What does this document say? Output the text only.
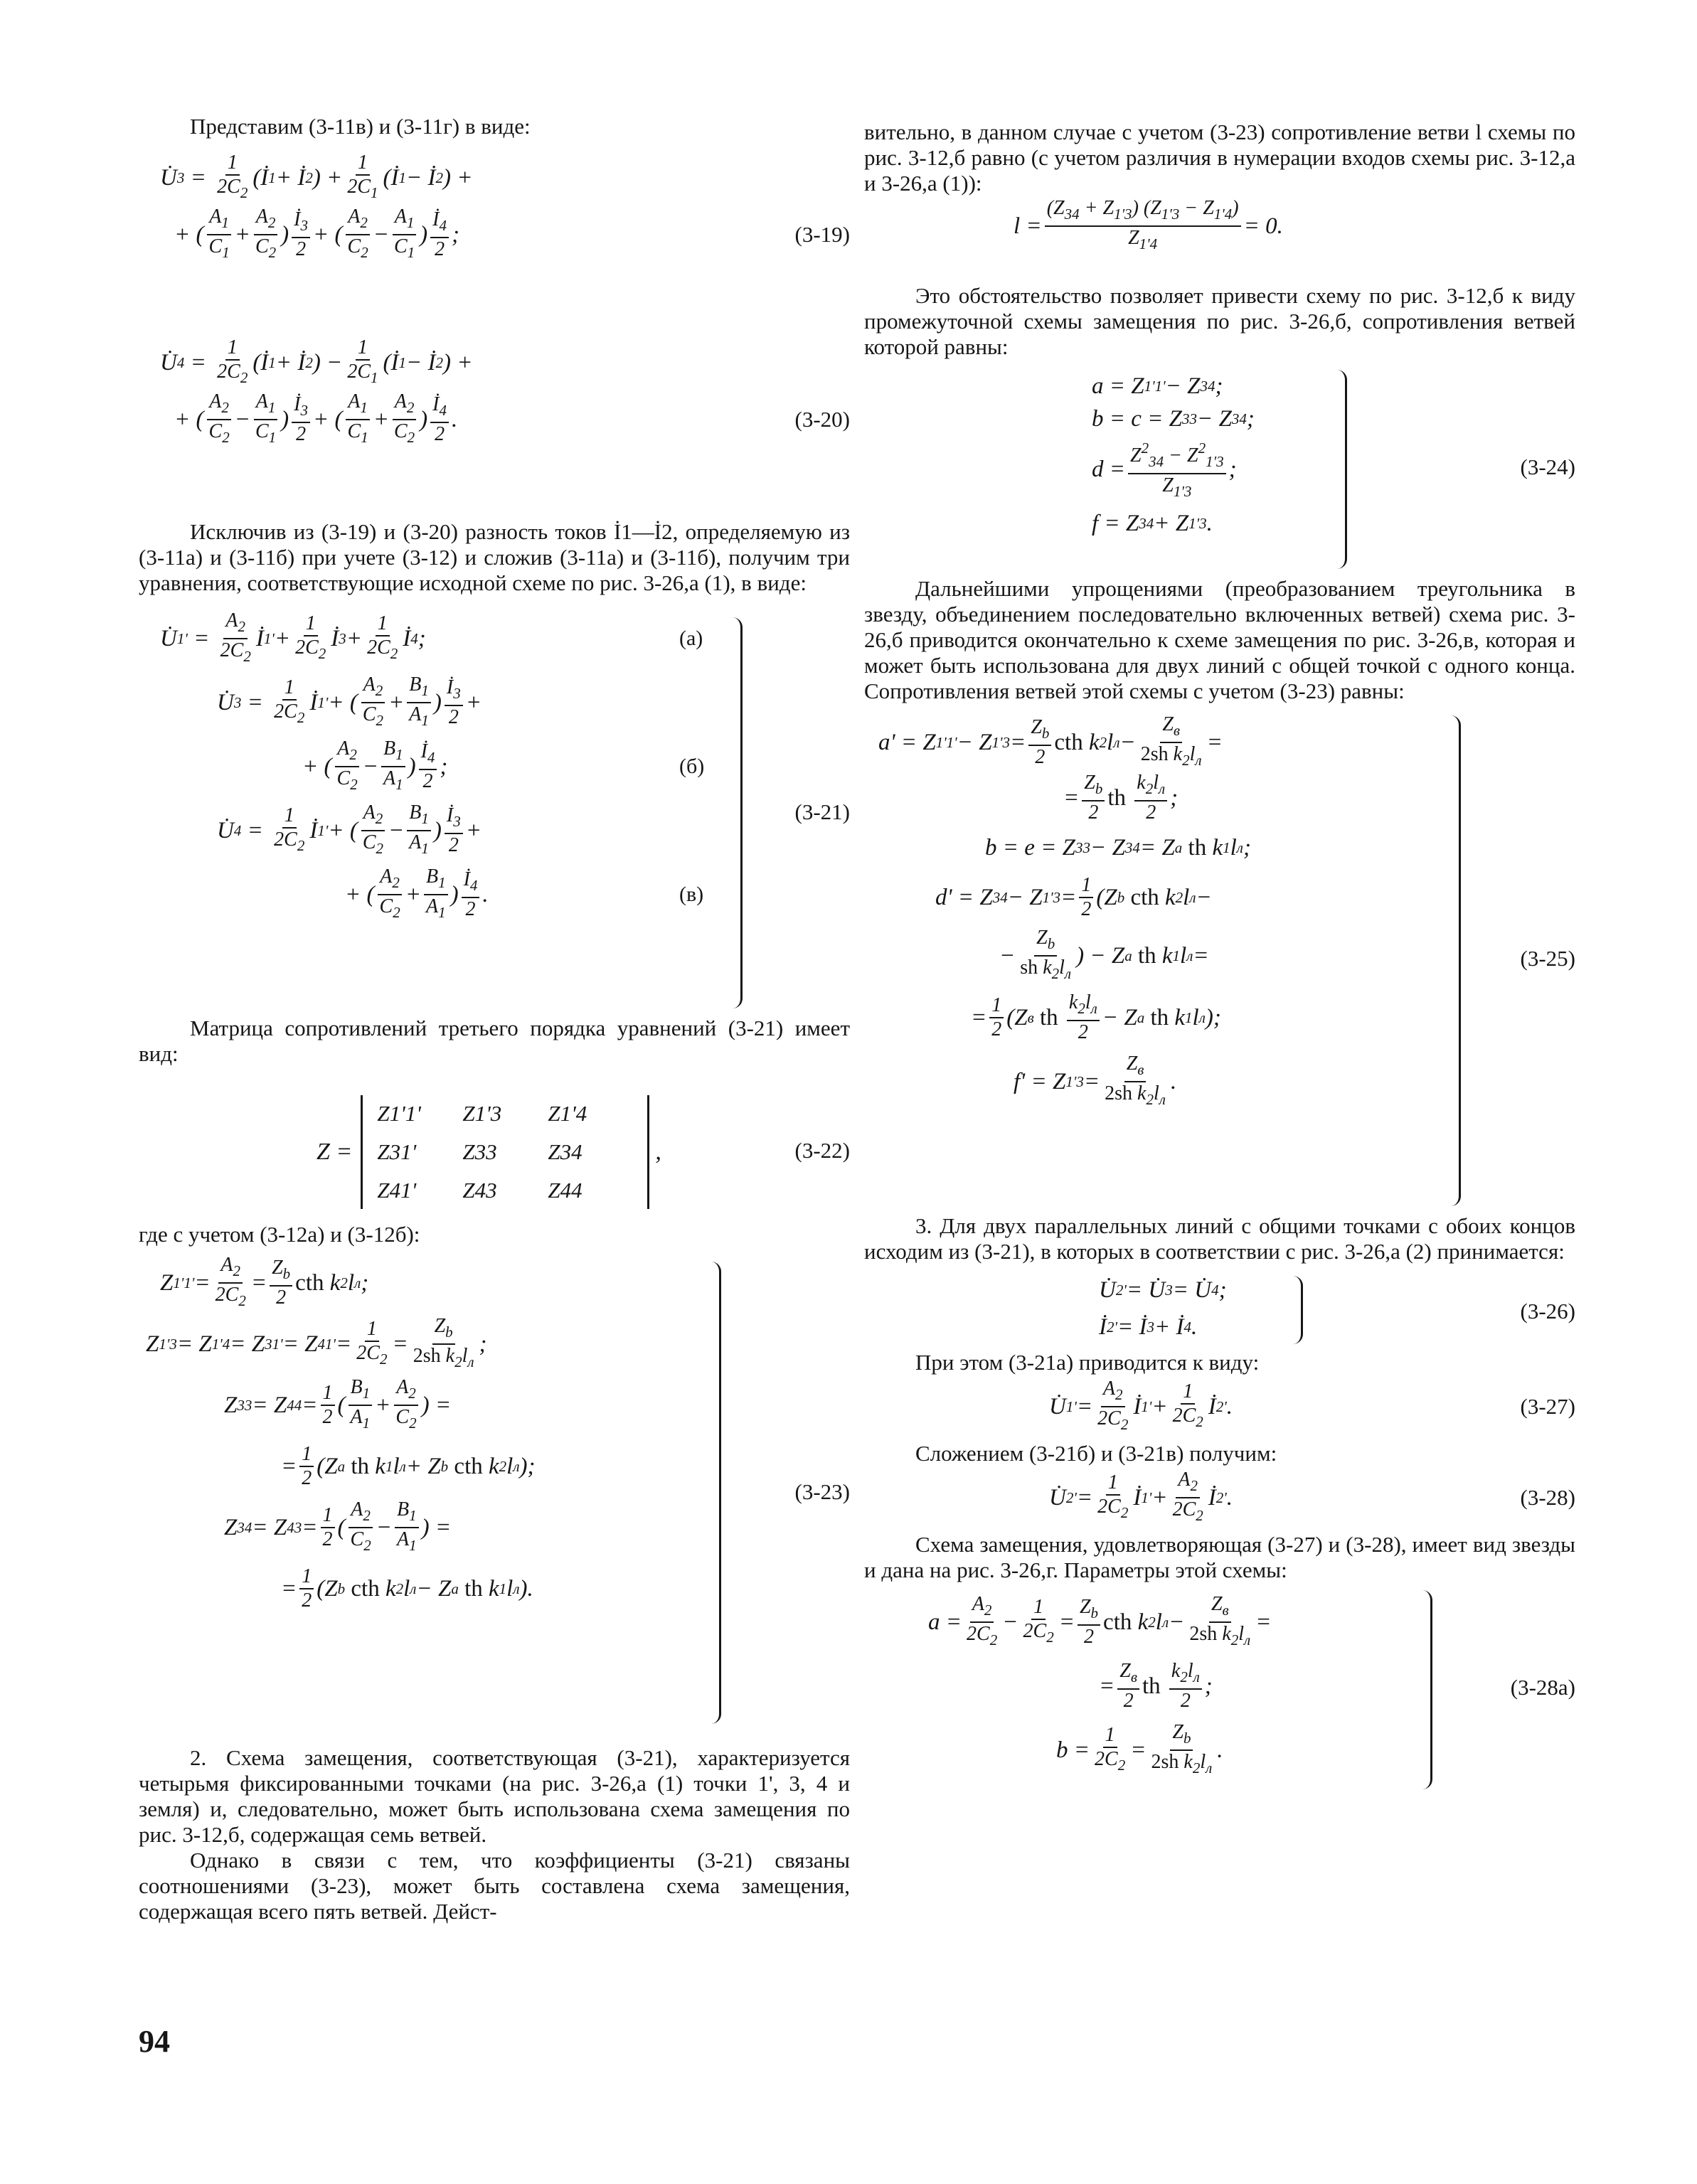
Представим (3-11в) и (3-11г) в виде:

U̇ 3 =
1
$2C_2$
(İ 1 + İ 2 ) +
1
$2C_1$
(İ 1 − İ 2 ) +
+ (
$A_1$
$C_1$
+
$A_2$
$C_2$
)
$İ_3$
2
+ (
$A_2$
$C_2$
−
$A_1$
$C_1$
)
$İ_4$
2
;	(3-19)
U̇ 4 =
1
$2C_2$
(İ 1 + İ 2 ) −
1
$2C_1$
(İ 1 − İ 2 ) +
+ (
$A_2$
$C_2$
−
$A_1$
$C_1$
)
$İ_3$
2
+ (
$A_1$
$C_1$
+
$A_2$
$C_2$
)
$İ_4$
2
.	(3-20)

Исключив из (3-19) и (3-20) разность токов İ1—İ2, определяемую из (3-11а) и (3-11б) при учете (3-12) и сложив (3-11а) и (3-11б), получим три уравнения, соответствующие исходной схеме по рис. 3-26,а (1), в виде:

(3-21)
U̇ 1' =
$A_2$
$2C_2$
İ 1' +
1
$2C_2$
İ 3 +
1
$2C_2$
İ 4 ;	(а)
U̇ 3 =
1
$2C_2$
İ 1' + (
$A_2$
$C_2$
+
$B_1$
$A_1$
)
$İ_3$
2
+
+ (
$A_2$
$C_2$
−
$B_1$
$A_1$
)
$İ_4$
2
;	(б)
U̇ 4 =
1
$2C_2$
İ 1' + (
$A_2$
$C_2$
−
$B_1$
$A_1$
)
$İ_3$
2
+
+ (
$A_2$
$C_2$
+
$B_1$
$A_1$
)
$İ_4$
2
.	(в)

Матрица сопротивлений третьего порядка уравнений (3-21) имеет вид:

Z =
Z1'1'	Z1'3	Z1'4
Z31'	Z33	Z34
Z41'	Z43	Z44
,	(3-22)

где с учетом (3-12а) и (3-12б):

(3-23)
Z 1'1' =
$A_2$
$2C_2$
=
$Z_b$
2
cth k 2 l л ;
Z 1'3 = Z 1'4 = Z 31' = Z 41' =
1
$2C_2$
=
$Z_b$
2sh $k_2l_л$
;
Z 33 = Z 44 = 1
2 (
$B_1$
$A_1$
+
$A_2$
$C_2$
) =
= 1
2 (Z a
th k 1 l л + Z b
cth k 2 l л );
Z 34 = Z 43 = 1
2 (
$A_2$
$C_2$
−
$B_1$
$A_1$
) =
= 1
2 (Z b
cth k 2 l л − Z a
th k 1 l л ).

2. Схема замещения, соответствующая (3-21), характеризуется четырьмя фиксированными точками (на рис. 3-26,а (1) точки 1', 3, 4 и земля) и, следовательно, может быть использована схема замещения по рис. 3-12,б, содержащая семь ветвей.

Однако в связи с тем, что коэффициенты (3-21) связаны соотношениями (3-23), может быть составлена схема замещения, содержащая всего пять ветвей. Дейст-

вительно, в данном случае с учетом (3-23) сопротивление ветви l схемы по рис. 3-12,б равно (с учетом различия в нумерации входов схемы рис. 3-12,а и 3-26,а (1)):

l =
$(Z_{34} + Z_{1'3}) (Z_{1'3} - Z_{1'4})$
$Z_{1'4}$
= 0.

Это обстоятельство позволяет привести схему по рис. 3-12,б к виду промежуточной схемы замещения по рис. 3-26,б, сопротивления ветвей которой равны:

(3-24)
a = Z 1'1' − Z 34 ;
b = c = Z 33 − Z 34 ;
d =
$Z^2_{34} - Z^2_{1'3}$
$Z_{1'3}$
;
f = Z 34 + Z 1'3 .

Дальнейшими упрощениями (преобразованием треугольника в звезду, объединением последовательно включенных ветвей) схема рис. 3-26,б приводится окончательно к схеме замещения по рис. 3-26,в, которая и может быть использована для двух линий с общей точкой с одного конца. Сопротивления ветвей этой схемы с учетом (3-23) равны:

(3-25)
a' = Z 1'1' − Z 1'3 =
$Z_b$
2
cth k 2 l л −
$Z_в$
2sh $k_2l_л$
=
=
$Z_b$
2
th

$k_2l_л$
2
;
b = e = Z 33 − Z 34 = Z a
th k 1 l л ;
d' = Z 34 − Z 1'3 = 1
2 (Z b
cth k 2 l л −
−
$Z_b$
sh $k_2l_л$
) − Z a
th k 1 l л =
= 1
2 (Z в
th

$k_2l_л$
2
− Z a
th k 1 l л );
f' = Z 1'3 =
$Z_в$
2sh $k_2l_л$
.

3. Для двух параллельных линий с общими точками с обоих концов исходим из (3-21), в которых в соответствии с рис. 3-26,а (2) принимается:

(3-26)
U̇ 2' = U̇ 3 = U̇ 4 ;
İ 2' = İ 3 + İ 4 .

При этом (3-21а) приводится к виду:

U̇ 1' =
$A_2$
$2C_2$
İ 1' +
1
$2C_2$
İ 2' .	(3-27)

Сложением (3-21б) и (3-21в) получим:

U̇ 2' =
1
$2C_2$
İ 1' +
$A_2$
$2C_2$
İ 2' .	(3-28)

Схема замещения, удовлетворяющая (3-27) и (3-28), имеет вид звезды и дана на рис. 3-26,г. Параметры этой схемы:

(3-28а)
a =
$A_2$
$2C_2$
−
1
$2C_2$
=
$Z_b$
2
cth k 2 l л −
$Z_в$
2sh $k_2l_л$
=
=
$Z_в$
2
th

$k_2l_л$
2
;
b =
1
$2C_2$
=
$Z_b$
2sh $k_2l_л$
.
94
